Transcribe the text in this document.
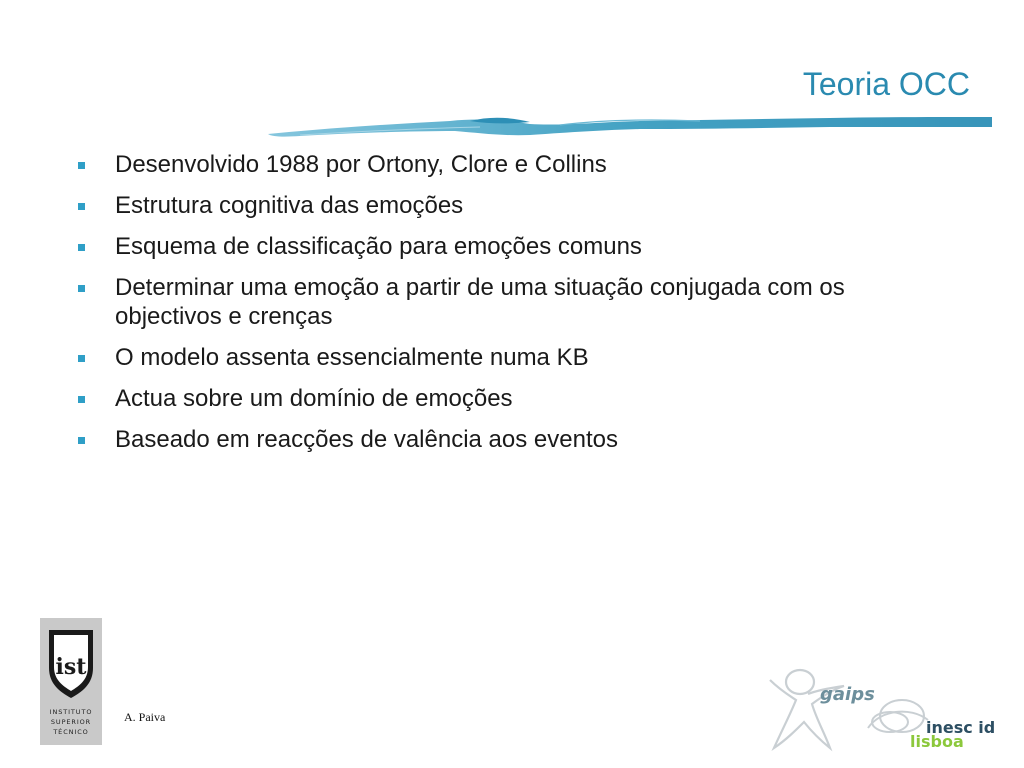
Teoria OCC
Desenvolvido 1988 por Ortony, Clore e Collins
Estrutura cognitiva das emoções
Esquema de classificação para emoções comuns
Determinar uma emoção a partir de uma situação conjugada com os objectivos e crenças
O modelo assenta essencialmente numa KB
Actua sobre um domínio de emoções
Baseado em reacções de valência aos eventos
ist
INSTITUTO
SUPERIOR
TÉCNICO
A. Paiva
gaips
inesc id
lisboa
